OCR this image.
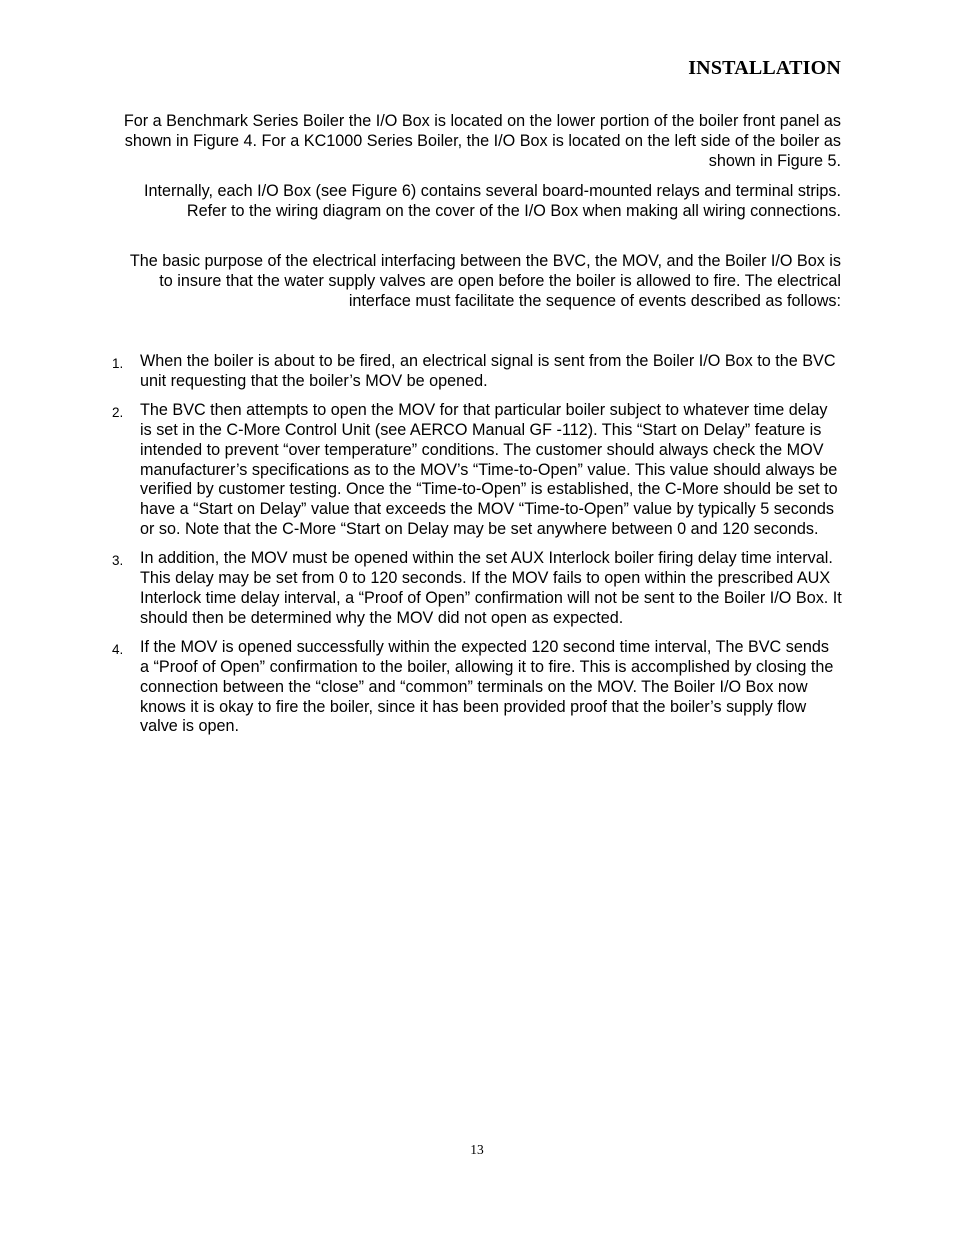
INSTALLATION

For a Benchmark Series Boiler the I/O Box is located on the lower portion of the boiler front panel as shown in Figure 4. For a KC1000 Series Boiler, the I/O Box is located on the left side of the boiler as shown in Figure 5.

Internally, each I/O Box (see Figure 6) contains several board-mounted relays and terminal strips. Refer to the wiring diagram on the cover of the I/O Box when making all wiring connections.

The basic purpose of the electrical interfacing between the BVC, the MOV, and the Boiler I/O Box is to insure that the water supply valves are open before the boiler is allowed to fire. The electrical interface must facilitate the sequence of events described as follows:

1. When the boiler is about to be fired, an electrical signal is sent from the Boiler I/O Box to the BVC unit requesting that the boiler’s MOV be opened.
2. The BVC then attempts to open the MOV for that particular boiler subject to whatever time delay is set in the C-More Control Unit (see AERCO Manual GF -112). This “Start on Delay” feature is intended to prevent “over temperature” conditions. The customer should always check the MOV manufacturer’s specifications as to the MOV’s “Time-to-Open” value. This value should always be verified by customer testing. Once the “Time-to-Open” is established, the C-More should be set to have a “Start on Delay” value that exceeds the MOV “Time-to-Open” value by typically 5 seconds or so. Note that the C-More “Start on Delay may be set anywhere between 0 and 120 seconds.
3. In addition, the MOV must be opened within the set AUX Interlock boiler firing delay time interval. This delay may be set from 0 to 120 seconds. If the MOV fails to open within the prescribed AUX Interlock time delay interval, a “Proof of Open” confirmation will not be sent to the Boiler I/O Box. It should then be determined why the MOV did not open as expected.
4. If the MOV is opened successfully within the expected 120 second time interval, The BVC sends a “Proof of Open” confirmation to the boiler, allowing it to fire. This is accomplished by closing the connection between the “close” and “common” terminals on the MOV. The Boiler I/O Box now knows it is okay to fire the boiler, since it has been provided proof that the boiler’s supply flow valve is open.

13
